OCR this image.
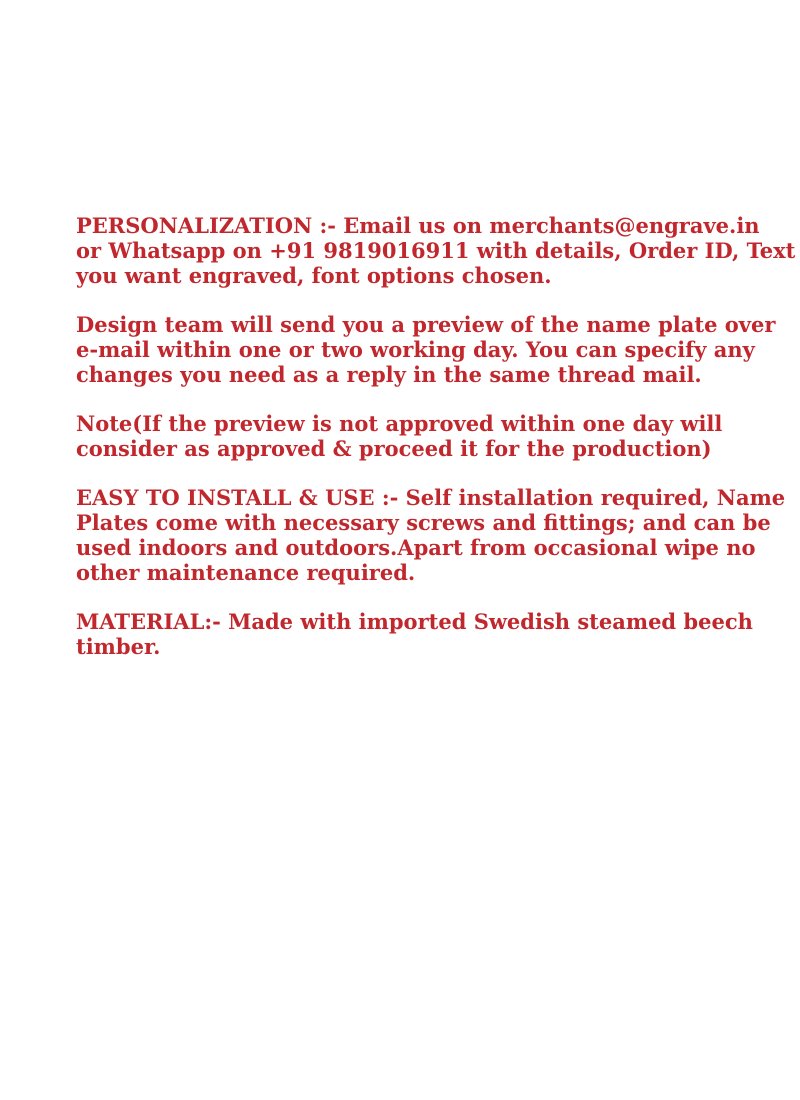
PERSONALIZATION :- Email us on merchants@engrave.in
or Whatsapp on +91 9819016911 with details, Order ID, Text
you want engraved, font options chosen.

Design team will send you a preview of the name plate over
e-mail within one or two working day. You can specify any
changes you need as a reply in the same thread mail.

Note(If the preview is not approved within one day will
consider as approved & proceed it for the production)

EASY TO INSTALL & USE :- Self installation required, Name
Plates come with necessary screws and fittings; and can be
used indoors and outdoors.Apart from occasional wipe no
other maintenance required.

MATERIAL:- Made with imported Swedish steamed beech
timber.
